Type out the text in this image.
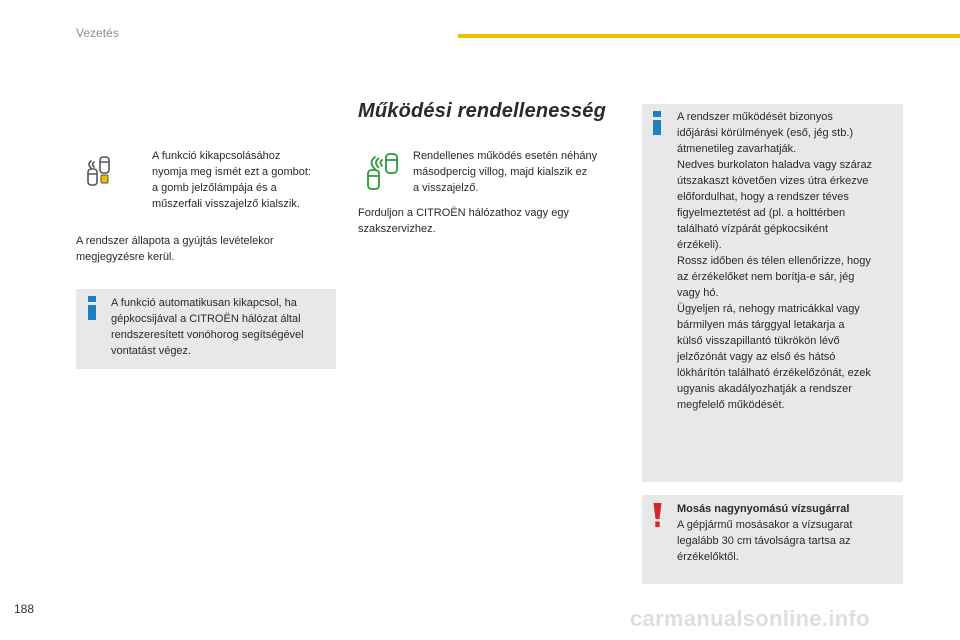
Vezetés
A funkció kikapcsolásához
nyomja meg ismét ezt a gombot:
a gomb jelzőlámpája és a
műszerfali visszajelző kialszik.
A rendszer állapota a gyújtás levételekor
megjegyzésre kerül.
A funkció automatikusan kikapcsol, ha
gépkocsijával a CITROËN hálózat által
rendszeresített vonóhorog segítségével
vontatást végez.
Működési rendellenesség
Rendellenes működés esetén néhány
másodpercig villog, majd kialszik ez
a visszajelző.
Forduljon a CITROËN hálózathoz vagy egy
szakszervizhez.
A rendszer működését bizonyos
időjárási körülmények (eső, jég stb.)
átmenetileg zavarhatják.
Nedves burkolaton haladva vagy száraz
útszakaszt követően vizes útra érkezve
előfordulhat, hogy a rendszer téves
figyelmeztetést ad (pl. a holttérben
található vízpárát gépkocsiként
érzékeli).
Rossz időben és télen ellenőrizze, hogy
az érzékelőket nem borítja-e sár, jég
vagy hó.
Ügyeljen rá, nehogy matricákkal vagy
bármilyen más tárggyal letakarja a
külső visszapillantó tükrökön lévő
jelzőzónát vagy az első és hátsó
lökhárítón található érzékelőzónát, ezek
ugyanis akadályozhatják a rendszer
megfelelő működését.
Mosás nagynyomású vízsugárral
A gépjármű mosásakor a vízsugarat
legalább 30 cm távolságra tartsa az
érzékelőktől.
188	carmanualsonline.info
